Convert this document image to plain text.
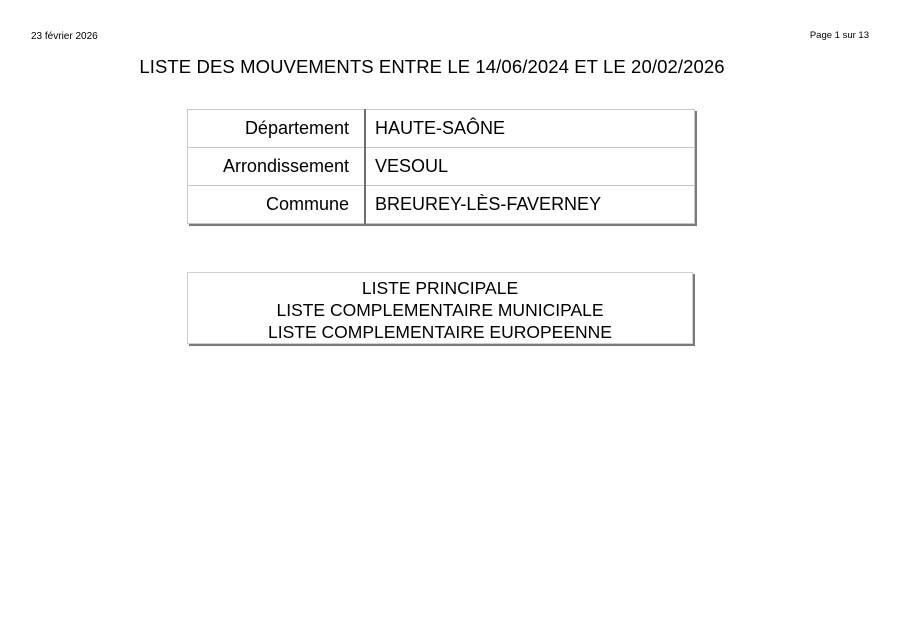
23 février 2026	Page 1 sur 13
LISTE DES MOUVEMENTS ENTRE LE 14/06/2024 ET LE 20/02/2026
Département	HAUTE-SAÔNE
Arrondissement	VESOUL
Commune	BREUREY-LÈS-FAVERNEY
LISTE PRINCIPALE
LISTE COMPLEMENTAIRE MUNICIPALE
LISTE COMPLEMENTAIRE EUROPEENNE
